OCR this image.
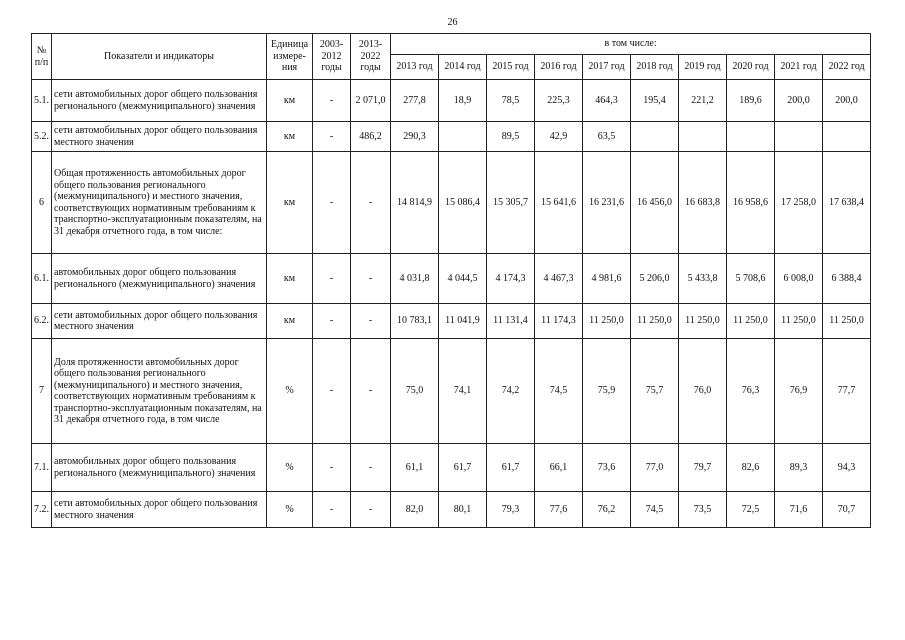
26
№ п/п	Показатели и индикаторы	Единица измере-ния	2003-2012 годы	2013-2022 годы	в том числе:									
					2013 год	2014 год	2015 год	2016 год	2017 год	2018 год	2019 год	2020 год	2021 год	2022 год
5.1.	сети автомобильных дорог общего пользования регионального (межмуниципального) значения	км	-	2 071,0	277,8	18,9	78,5	225,3	464,3	195,4	221,2	189,6	200,0	200,0
5.2.	сети автомобильных дорог общего пользования местного значения	км	-	486,2	290,3		89,5	42,9	63,5					
6	Общая протяженность автомобильных дорог общего пользования регионального (межмуниципального) и местного значения, соответствующих нормативным требованиям к транспортно-эксплуатационным показателям, на 31 декабря отчетного года, в том числе:	км	-	-	14 814,9	15 086,4	15 305,7	15 641,6	16 231,6	16 456,0	16 683,8	16 958,6	17 258,0	17 638,4
6.1.	автомобильных дорог общего пользования регионального (межмуниципального) значения	км	-	-	4 031,8	4 044,5	4 174,3	4 467,3	4 981,6	5 206,0	5 433,8	5 708,6	6 008,0	6 388,4
6.2.	сети автомобильных дорог общего пользования местного значения	км	-	-	10 783,1	11 041,9	11 131,4	11 174,3	11 250,0	11 250,0	11 250,0	11 250,0	11 250,0	11 250,0
7	Доля протяженности автомобильных дорог общего пользования регионального (межмуниципального) и местного значения, соответствующих нормативным требованиям к транспортно-эксплуатационным показателям, на 31 декабря отчетного года, в том числе	%	-	-	75,0	74,1	74,2	74,5	75,9	75,7	76,0	76,3	76,9	77,7
7.1.	автомобильных дорог общего пользования регионального (межмуниципального) значения	%	-	-	61,1	61,7	61,7	66,1	73,6	77,0	79,7	82,6	89,3	94,3
7.2.	сети автомобильных дорог общего пользования местного значения	%	-	-	82,0	80,1	79,3	77,6	76,2	74,5	73,5	72,5	71,6	70,7
